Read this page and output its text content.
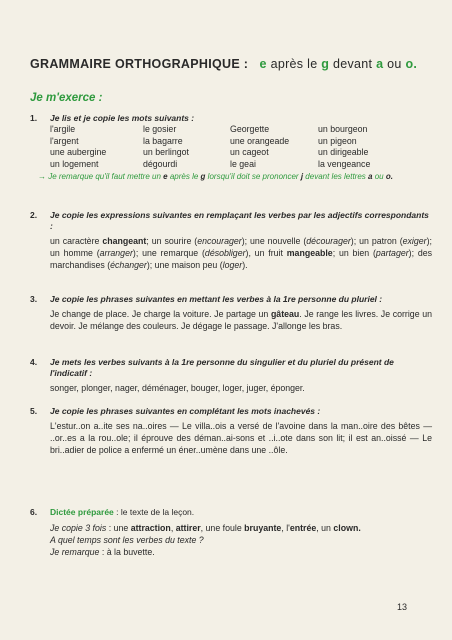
GRAMMAIRE ORTHOGRAPHIQUE : e après le g devant a ou o.
Je m'exerce :
1. Je lis et je copie les mots suivants :
l'argile
l'argent
une aubergine
un logement
le gosier
la bagarre
un berlingot
dégourdi
Georgette
une orangeade
un cageot
le geai
un bourgeon
un pigeon
un dirigeable
la vengeance
→ Je remarque qu'il faut mettre un e après le g lorsqu'il doit se prononcer j devant les lettres a ou o.
2. Je copie les expressions suivantes en remplaçant les verbes par les adjectifs correspondants :
un caractère changeant; un sourire (encourager); une nouvelle (décourager); un patron (exiger); un homme (arranger); une remarque (désobliger), un fruit mangeable; un bien (partager); des marchandises (échanger); une maison peu (loger).
3. Je copie les phrases suivantes en mettant les verbes à la 1re personne du pluriel :
Je change de place. Je charge la voiture. Je partage un gâteau. Je range les livres. Je corrige un devoir. Je mélange des couleurs. Je dégage le passage. J'allonge les bras.
4. Je mets les verbes suivants à la 1re personne du singulier et du pluriel du présent de l'indicatif :
songer, plonger, nager, déménager, bouger, loger, juger, éponger.
5. Je copie les phrases suivantes en complétant les mots inachevés :
L'estur..on a..ite ses na..oires — Le villa..ois a versé de l'avoine dans la man..oire des bêtes — ..or..es a la rou..ole; il éprouve des déman..ai-sons et ..i..ote dans son lit; il est an..oissé — Le bri..adier de police a enfermé un éner..umène dans une ..ôle.
6. Dictée préparée : le texte de la leçon.
Je copie 3 fois : une attraction, attirer, une foule bruyante, l'entrée, un clown.
A quel temps sont les verbes du texte ?
Je remarque : à la buvette.
13
